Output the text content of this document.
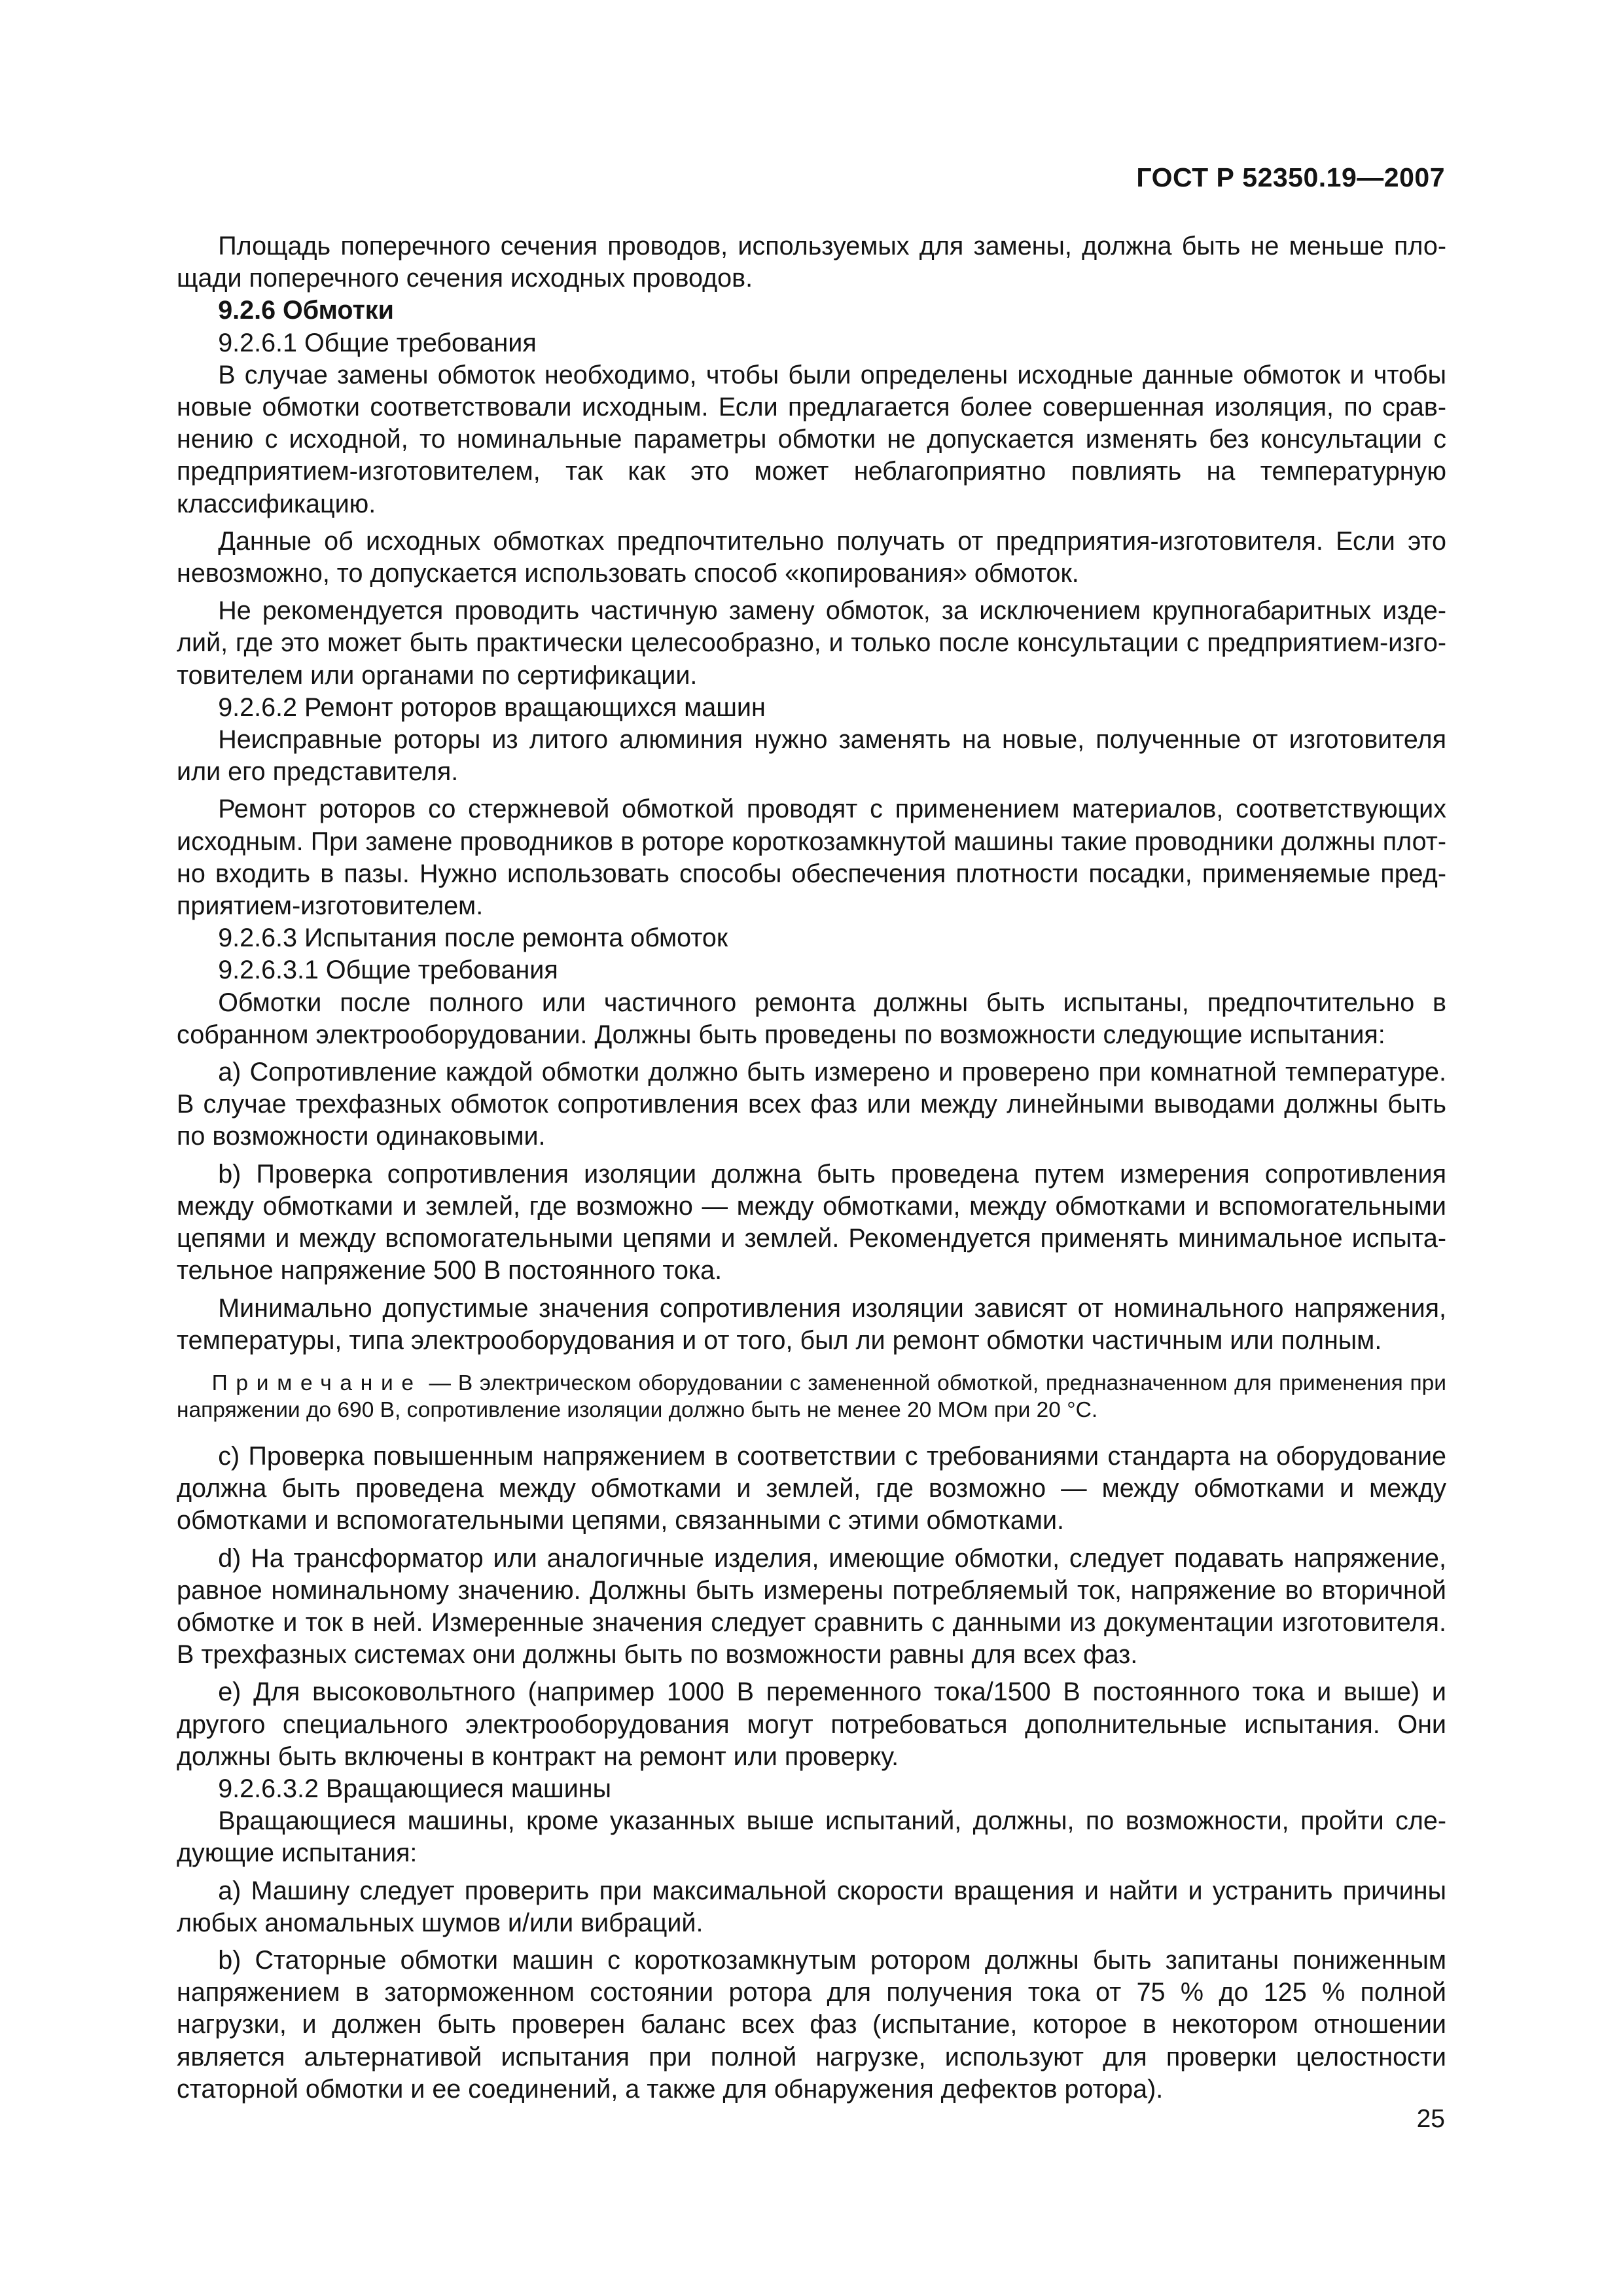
ГОСТ Р 52350.19—2007

Площадь поперечного сечения проводов, используемых для замены, должна быть не меньше площади поперечного сечения исходных проводов.

9.2.6 Обмотки

9.2.6.1 Общие требования

В случае замены обмоток необходимо, чтобы были определены исходные данные обмоток и чтобы новые обмотки соответствовали исходным. Если предлагается более совершенная изоляция, по сравнению с исходной, то номинальные параметры обмотки не допускается изменять без консультации с предприятием-изготовителем, так как это может неблагоприятно повлиять на температурную классификацию.

Данные об исходных обмотках предпочтительно получать от предприятия-изготовителя. Если это невозможно, то допускается использовать способ «копирования» обмоток.

Не рекомендуется проводить частичную замену обмоток, за исключением крупногабаритных изделий, где это может быть практически целесообразно, и только после консультации с предприятием-изготовителем или органами по сертификации.

9.2.6.2 Ремонт роторов вращающихся машин

Неисправные роторы из литого алюминия нужно заменять на новые, полученные от изготовителя или его представителя.

Ремонт роторов со стержневой обмоткой проводят с применением материалов, соответствующих исходным. При замене проводников в роторе короткозамкнутой машины такие проводники должны плотно входить в пазы. Нужно использовать способы обеспечения плотности посадки, применяемые предприятием-изготовителем.

9.2.6.3 Испытания после ремонта обмоток

9.2.6.3.1 Общие требования

Обмотки после полного или частичного ремонта должны быть испытаны, предпочтительно в собранном электрооборудовании. Должны быть проведены по возможности следующие испытания:

a) Сопротивление каждой обмотки должно быть измерено и проверено при комнатной температуре. В случае трехфазных обмоток сопротивления всех фаз или между линейными выводами должны быть по возможности одинаковыми.

b) Проверка сопротивления изоляции должна быть проведена путем измерения сопротивления между обмотками и землей, где возможно — между обмотками, между обмотками и вспомогательными цепями и между вспомогательными цепями и землей. Рекомендуется применять минимальное испытательное напряжение 500 В постоянного тока.

Минимально допустимые значения сопротивления изоляции зависят от номинального напряжения, температуры, типа электрооборудования и от того, был ли ремонт обмотки частичным или полным.

Примечание — В электрическом оборудовании с замененной обмоткой, предназначенном для применения при напряжении до 690 В, сопротивление изоляции должно быть не менее 20 МОм при 20 °С.

c) Проверка повышенным напряжением в соответствии с требованиями стандарта на оборудование должна быть проведена между обмотками и землей, где возможно — между обмотками и между обмотками и вспомогательными цепями, связанными с этими обмотками.

d) На трансформатор или аналогичные изделия, имеющие обмотки, следует подавать напряжение, равное номинальному значению. Должны быть измерены потребляемый ток, напряжение во вторичной обмотке и ток в ней. Измеренные значения следует сравнить с данными из документации изготовителя. В трехфазных системах они должны быть по возможности равны для всех фаз.

e) Для высоковольтного (например 1000 В переменного тока/1500 В постоянного тока и выше) и другого специального электрооборудования могут потребоваться дополнительные испытания. Они должны быть включены в контракт на ремонт или проверку.

9.2.6.3.2 Вращающиеся машины

Вращающиеся машины, кроме указанных выше испытаний, должны, по возможности, пройти следующие испытания:

a) Машину следует проверить при максимальной скорости вращения и найти и устранить причины любых аномальных шумов и/или вибраций.

b) Статорные обмотки машин с короткозамкнутым ротором должны быть запитаны пониженным напряжением в заторможенном состоянии ротора для получения тока от 75 % до 125 % полной нагрузки, и должен быть проверен баланс всех фаз (испытание, которое в некотором отношении является альтернативой испытания при полной нагрузке, используют для проверки целостности статорной обмотки и ее соединений, а также для обнаружения дефектов ротора).

25
